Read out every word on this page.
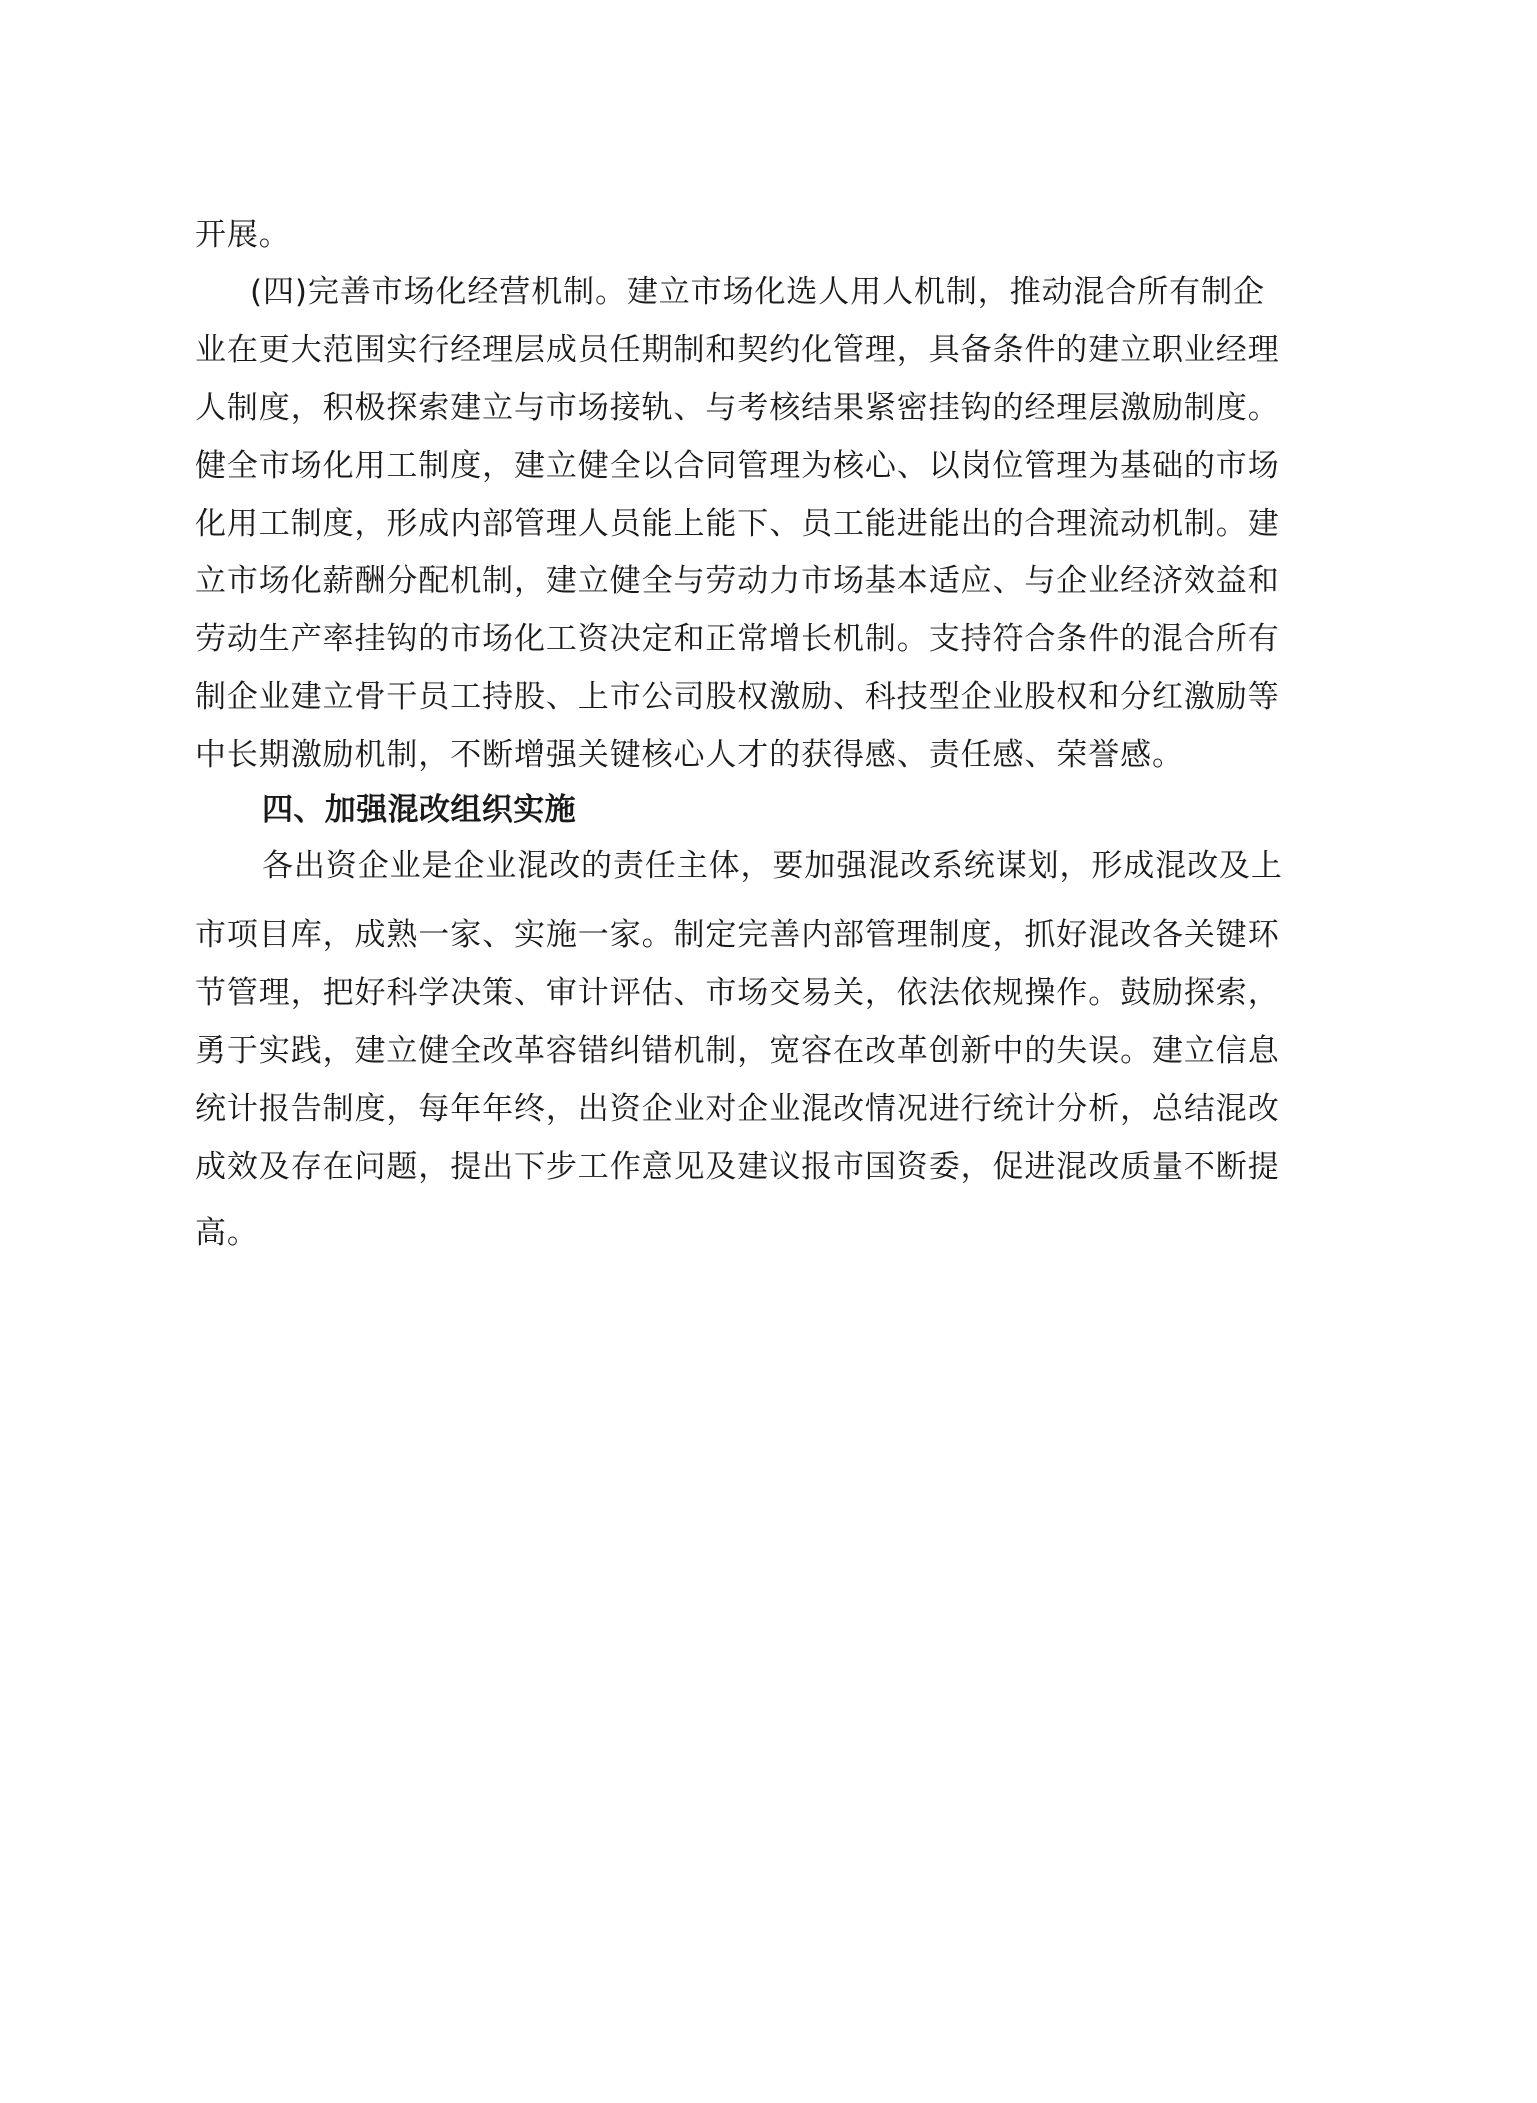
开展。
(四)完善市场化经营机制。建立市场化选人用人机制，推动混合所有制企
业在更大范围实行经理层成员任期制和契约化管理，具备条件的建立职业经理
人制度，积极探索建立与市场接轨、与考核结果紧密挂钩的经理层激励制度。
健全市场化用工制度，建立健全以合同管理为核心、以岗位管理为基础的市场
化用工制度，形成内部管理人员能上能下、员工能进能出的合理流动机制。建
立市场化薪酬分配机制，建立健全与劳动力市场基本适应、与企业经济效益和
劳动生产率挂钩的市场化工资决定和正常增长机制。支持符合条件的混合所有
制企业建立骨干员工持股、上市公司股权激励、科技型企业股权和分红激励等
中长期激励机制，不断增强关键核心人才的获得感、责任感、荣誉感。
四、加强混改组织实施
各出资企业是企业混改的责任主体，要加强混改系统谋划，形成混改及上
市项目库，成熟一家、实施一家。制定完善内部管理制度，抓好混改各关键环
节管理，把好科学决策、审计评估、市场交易关，依法依规操作。鼓励探索，
勇于实践，建立健全改革容错纠错机制，宽容在改革创新中的失误。建立信息
统计报告制度，每年年终，出资企业对企业混改情况进行统计分析，总结混改
成效及存在问题，提出下步工作意见及建议报市国资委，促进混改质量不断提
高。
